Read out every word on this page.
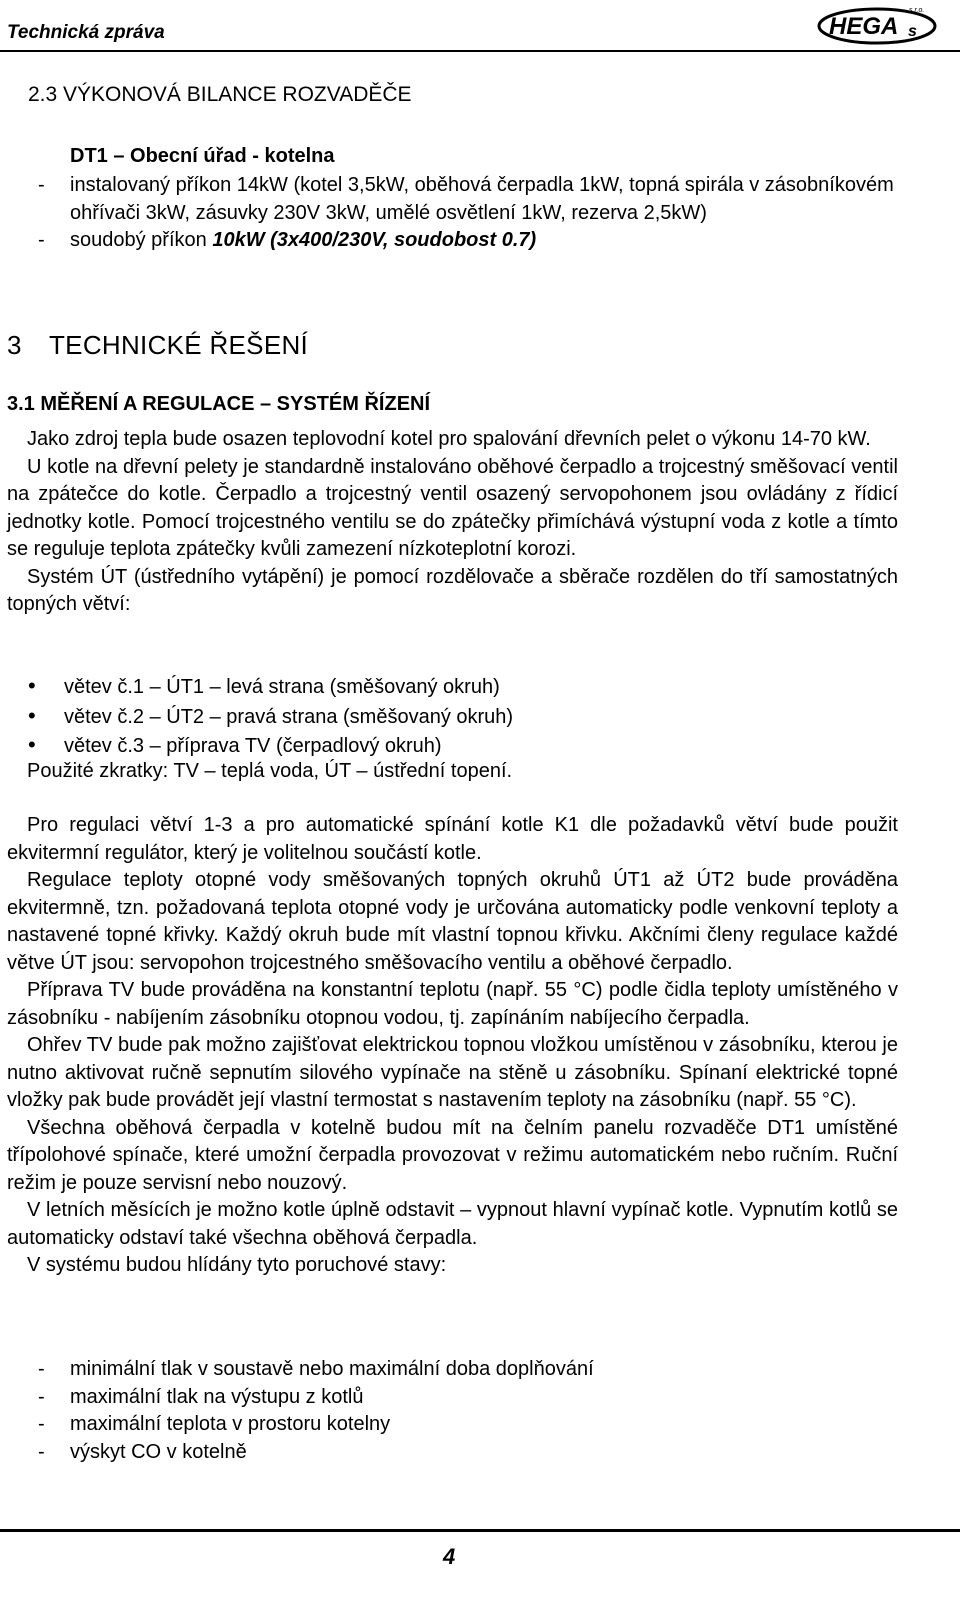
Technická zpráva	HEGA s
s.r.o.
2.3 VÝKONOVÁ BILANCE ROZVADĚČE
DT1 – Obecní úřad - kotelna
-	instalovaný příkon 14kW (kotel 3,5kW, oběhová čerpadla 1kW, topná spirála v zásobníkovém ohřívači 3kW, zásuvky 230V 3kW, umělé osvětlení 1kW, rezerva 2,5kW)
-	soudobý příkon 10kW (3x400/230V, soudobost 0.7)
3 TECHNICKÉ ŘEŠENÍ
3.1 MĚŘENÍ A REGULACE – SYSTÉM ŘÍZENÍ

Jako zdroj tepla bude osazen teplovodní kotel pro spalování dřevních pelet o výkonu 14-70 kW.

U kotle na dřevní pelety je standardně instalováno oběhové čerpadlo a trojcestný směšovací ventil na zpátečce do kotle. Čerpadlo a trojcestný ventil osazený servopohonem jsou ovládány z řídicí jednotky kotle. Pomocí trojcestného ventilu se do zpátečky přimíchává výstupní voda z kotle a tímto se reguluje teplota zpátečky kvůli zamezení nízkoteplotní korozi.

Systém ÚT (ústředního vytápění) je pomocí rozdělovače a sběrače rozdělen do tří samostatných topných větví:

•	větev č.1 – ÚT1 – levá strana (směšovaný okruh)
•	větev č.2 – ÚT2 – pravá strana (směšovaný okruh)
•	větev č.3 – příprava TV (čerpadlový okruh)

Použité zkratky: TV – teplá voda, ÚT – ústřední topení.

Pro regulaci větví 1-3 a pro automatické spínání kotle K1 dle požadavků větví bude použit ekvitermní regulátor, který je volitelnou součástí kotle.

Regulace teploty otopné vody směšovaných topných okruhů ÚT1 až ÚT2 bude prováděna ekvitermně, tzn. požadovaná teplota otopné vody je určována automaticky podle venkovní teploty a nastavené topné křivky. Každý okruh bude mít vlastní topnou křivku. Akčními členy regulace každé větve ÚT jsou: servopohon trojcestného směšovacího ventilu a oběhové čerpadlo.

Příprava TV bude prováděna na konstantní teplotu (např. 55 °C) podle čidla teploty umístěného v zásobníku - nabíjením zásobníku otopnou vodou, tj. zapínáním nabíjecího čerpadla.

Ohřev TV bude pak možno zajišťovat elektrickou topnou vložkou umístěnou v zásobníku, kterou je nutno aktivovat ručně sepnutím silového vypínače na stěně u zásobníku. Spínaní elektrické topné vložky pak bude provádět její vlastní termostat s nastavením teploty na zásobníku (např. 55 °C).

Všechna oběhová čerpadla v kotelně budou mít na čelním panelu rozvaděče DT1 umístěné třípolohové spínače, které umožní čerpadla provozovat v režimu automatickém nebo ručním. Ruční režim je pouze servisní nebo nouzový.

V letních měsících je možno kotle úplně odstavit – vypnout hlavní vypínač kotle. Vypnutím kotlů se automaticky odstaví také všechna oběhová čerpadla.

V systému budou hlídány tyto poruchové stavy:

-	minimální tlak v soustavě nebo maximální doba doplňování
-	maximální tlak na výstupu z kotlů
-	maximální teplota v prostoru kotelny
-	výskyt CO v kotelně
4
